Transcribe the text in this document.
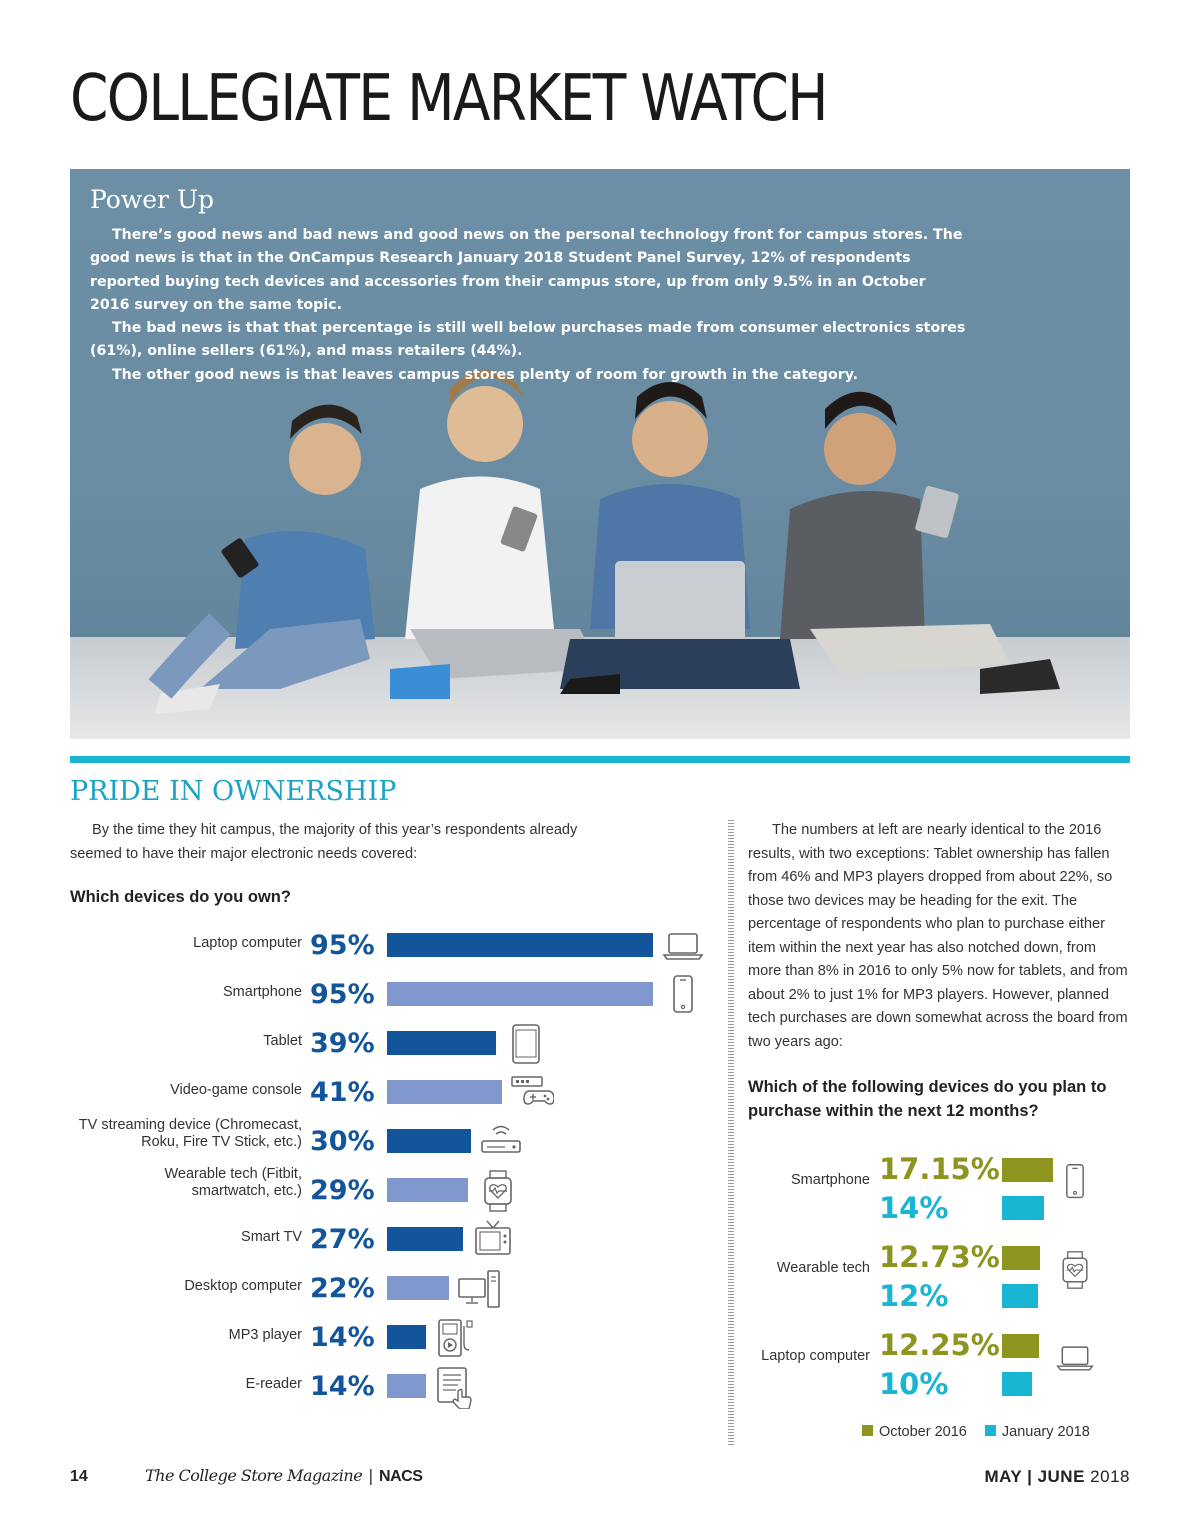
COLLEGIATE MARKET WATCH
Power Up

There’s good news and bad news and good news on the personal technology front for campus stores. The good news is that in the OnCampus Research January 2018 Student Panel Survey, 12% of respondents reported buying tech devices and accessories from their campus store, up from only 9.5% in an October 2016 survey on the same topic.

The bad news is that that percentage is still well below purchases made from consumer electronics stores (61%), online sellers (61%), and mass retailers (44%).

The other good news is that leaves campus stores plenty of room for growth in the category.

PRIDE IN OWNERSHIP

By the time they hit campus, the majority of this year’s respondents already seemed to have their major electronic needs covered:

Which devices do you own?
Laptop computer 95%
Smartphone 95%
Tablet 39%
Video-game console 41%
TV streaming device (Chromecast,
Roku, Fire TV Stick, etc.) 30%
Wearable tech (Fitbit,
smartwatch, etc.) 29%
Smart TV 27%
Desktop computer 22%
MP3 player 14%
E-reader 14%

The numbers at left are nearly identical to the 2016 results, with two exceptions: Tablet ownership has fallen from 46% and MP3 players dropped from about 22%, so those two devices may be heading for the exit. The percentage of respondents who plan to purchase either item within the next year has also notched down, from more than 8% in 2016 to only 5% now for tablets, and from about 2% to just 1% for MP3 players. However, planned tech purchases are down somewhat across the board from two years ago:

Which of the following devices do you plan to purchase within the next 12 months?
Smartphone 17.15%
14%
Wearable tech 12.73%
12%
Laptop computer 12.25%
10%
October 2016 January 2018
14	The College Store Magazine | NACS	MAY | JUNE 2018
